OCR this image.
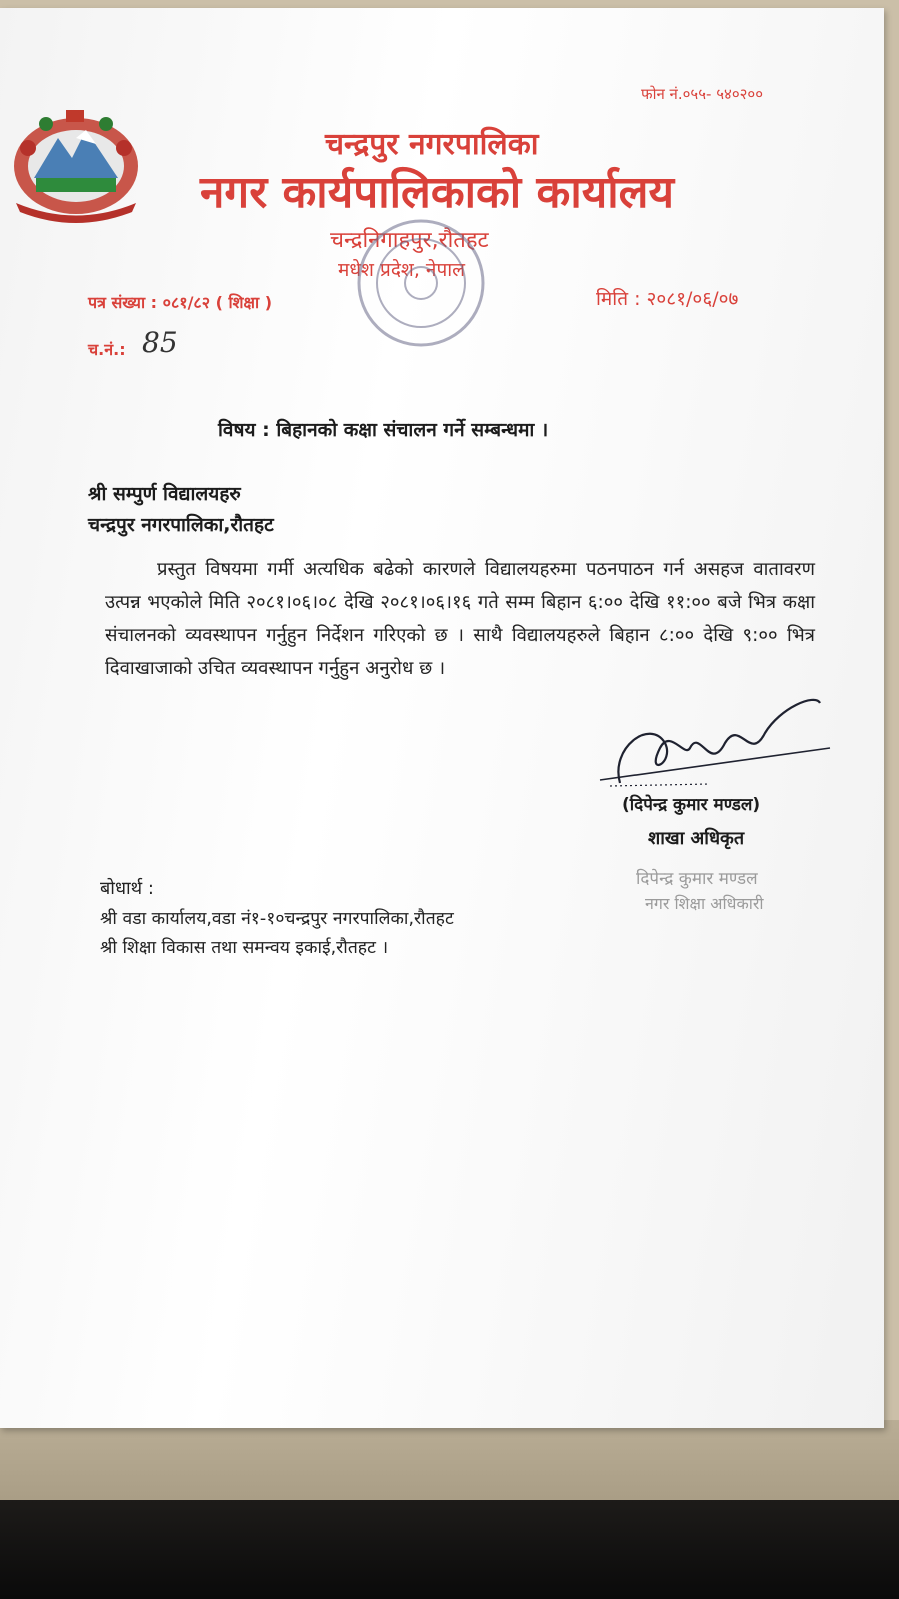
फोन नं.०५५- ५४०२००
चन्द्रपुर नगरपालिका
नगर कार्यपालिकाको कार्यालय
चन्द्रनिगाहपुर,रौतहट
मधेश प्रदेश, नेपाल
पत्र संख्या : ०८१/८२ ( शिक्षा )	मिति : २०८१/०६/०७
च.नं.: 85
विषय : बिहानको कक्षा संचालन गर्ने सम्बन्धमा ।
श्री सम्पुर्ण विद्यालयहरु
चन्द्रपुर नगरपालिका,रौतहट
प्रस्तुत विषयमा गर्मी अत्यधिक बढेको कारणले विद्यालयहरुमा पठनपाठन गर्न असहज वातावरण उत्पन्न भएकोले मिति २०८१।०६।०८ देखि २०८१।०६।१६ गते सम्म बिहान ६:०० देखि ११:०० बजे भित्र कक्षा संचालनको व्यवस्थापन गर्नुहुन निर्देशन गरिएको छ । साथै विद्यालयहरुले बिहान ८:०० देखि ९:०० भित्र दिवाखाजाको उचित व्यवस्थापन गर्नुहुन अनुरोध छ ।
(दिपेन्द्र कुमार मण्डल)
शाखा अधिकृत
दिपेन्द्र कुमार मण्डल
नगर शिक्षा अधिकारी
बोधार्थ :
श्री वडा कार्यालय,वडा नं१-१०चन्द्रपुर नगरपालिका,रौतहट
श्री शिक्षा विकास तथा समन्वय इकाई,रौतहट ।
